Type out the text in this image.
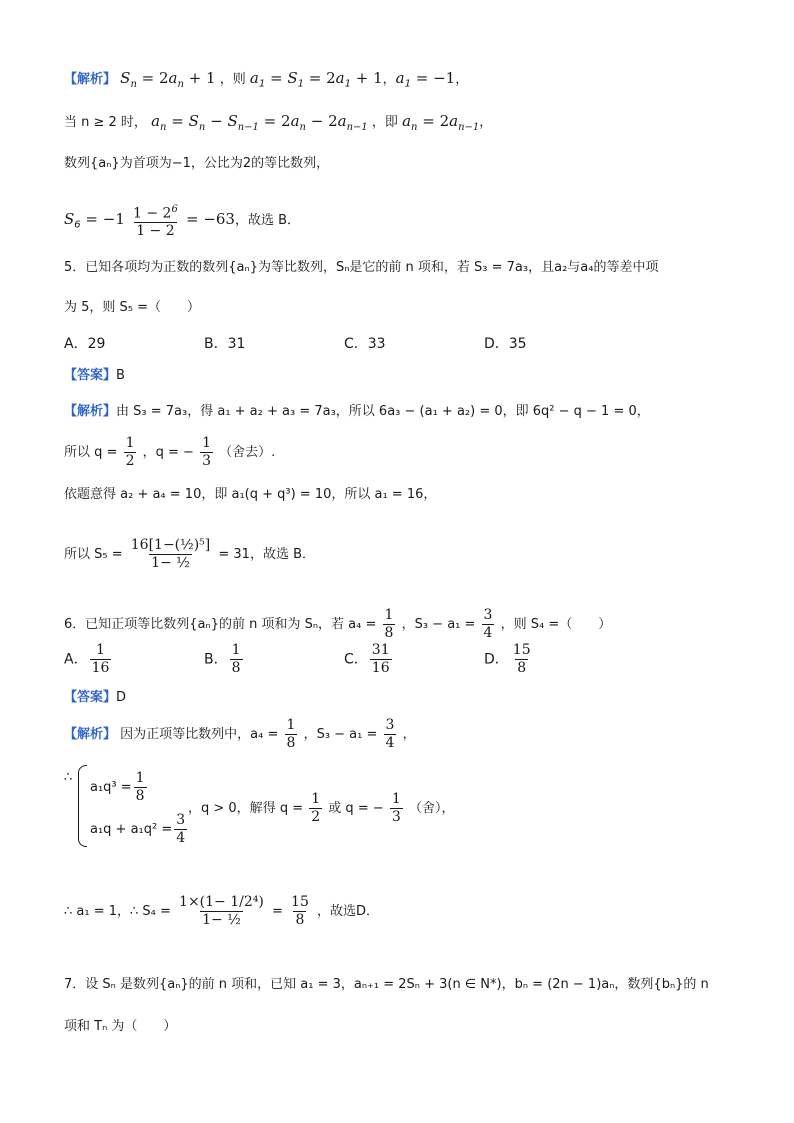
【解析】 $S_n = 2a_n + 1$ ，则 $a_1 = S_1 = 2a_1 + 1$，$a_1 = -1$，
当 n ≥ 2 时， $a_n = S_n - S_{n-1} = 2a_n - 2a_{n-1}$ ，即 $a_n = 2a_{n-1}$，
数列{aₙ}为首项为−1，公比为2的等比数列，
$S_6 = -1 \frac{1 - 2^6}{1 - 2} = -63$，故选 B．
5．已知各项均为正数的数列{aₙ}为等比数列，Sₙ是它的前 n 项和，若 S₃ = 7a₃，且a₂与a₄的等差中项
为 5，则 S₅ =（　　）
A．29	B．31	C．33	D．35
【答案】B
【解析】由 S₃ = 7a₃，得 a₁ + a₂ + a₃ = 7a₃，所以 6a₃ − (a₁ + a₂) = 0，即 6q² − q − 1 = 0，
所以 $q = \frac{1}{2}$ ，q = − $\frac{1}{3}$ （舍去）.
依题意得 a₂ + a₄ = 10，即 a₁(q + q³) = 10，所以 a₁ = 16，
所以 $S_5 = \frac{\text{16[1−(½)⁵]}}{\text{1− ½}} = 31$，故选 B．
6．已知正项等比数列{aₙ}的前 n 项和为 Sₙ，若 $a_4 = \frac{1}{8}$ ，$S_3 - a_1 = \frac{3}{4}$ ，则 S₄ =（　　）
A． $\frac{1}{16}$	B． $\frac{1}{8}$	C． $\frac{31}{16}$	D． $\frac{15}{8}$
【答案】D
【解析】 因为正项等比数列中，$a_4 = \frac{1}{8}$ ，$S_3 - a_1 = \frac{3}{4}$ ，
∴
$a_1q^3 = \frac{1}{8}$
$a_1q + a_1q^2 = \frac{3}{4}$
，q > 0，解得 $q = \frac{1}{2}$ 或 q = − $\frac{1}{3}$ （舍），
∴ a₁ = 1，∴ $S_4 = \frac{\text{1×(1− 1/2⁴)}}{\text{1− ½}} = \frac{15}{8}$ ，故选D．
7．设 Sₙ 是数列{aₙ}的前 n 项和，已知 a₁ = 3，aₙ₊₁ = 2Sₙ + 3(n ∈ N*)，bₙ = (2n − 1)aₙ，数列{bₙ}的 n
项和 Tₙ 为（　　）
